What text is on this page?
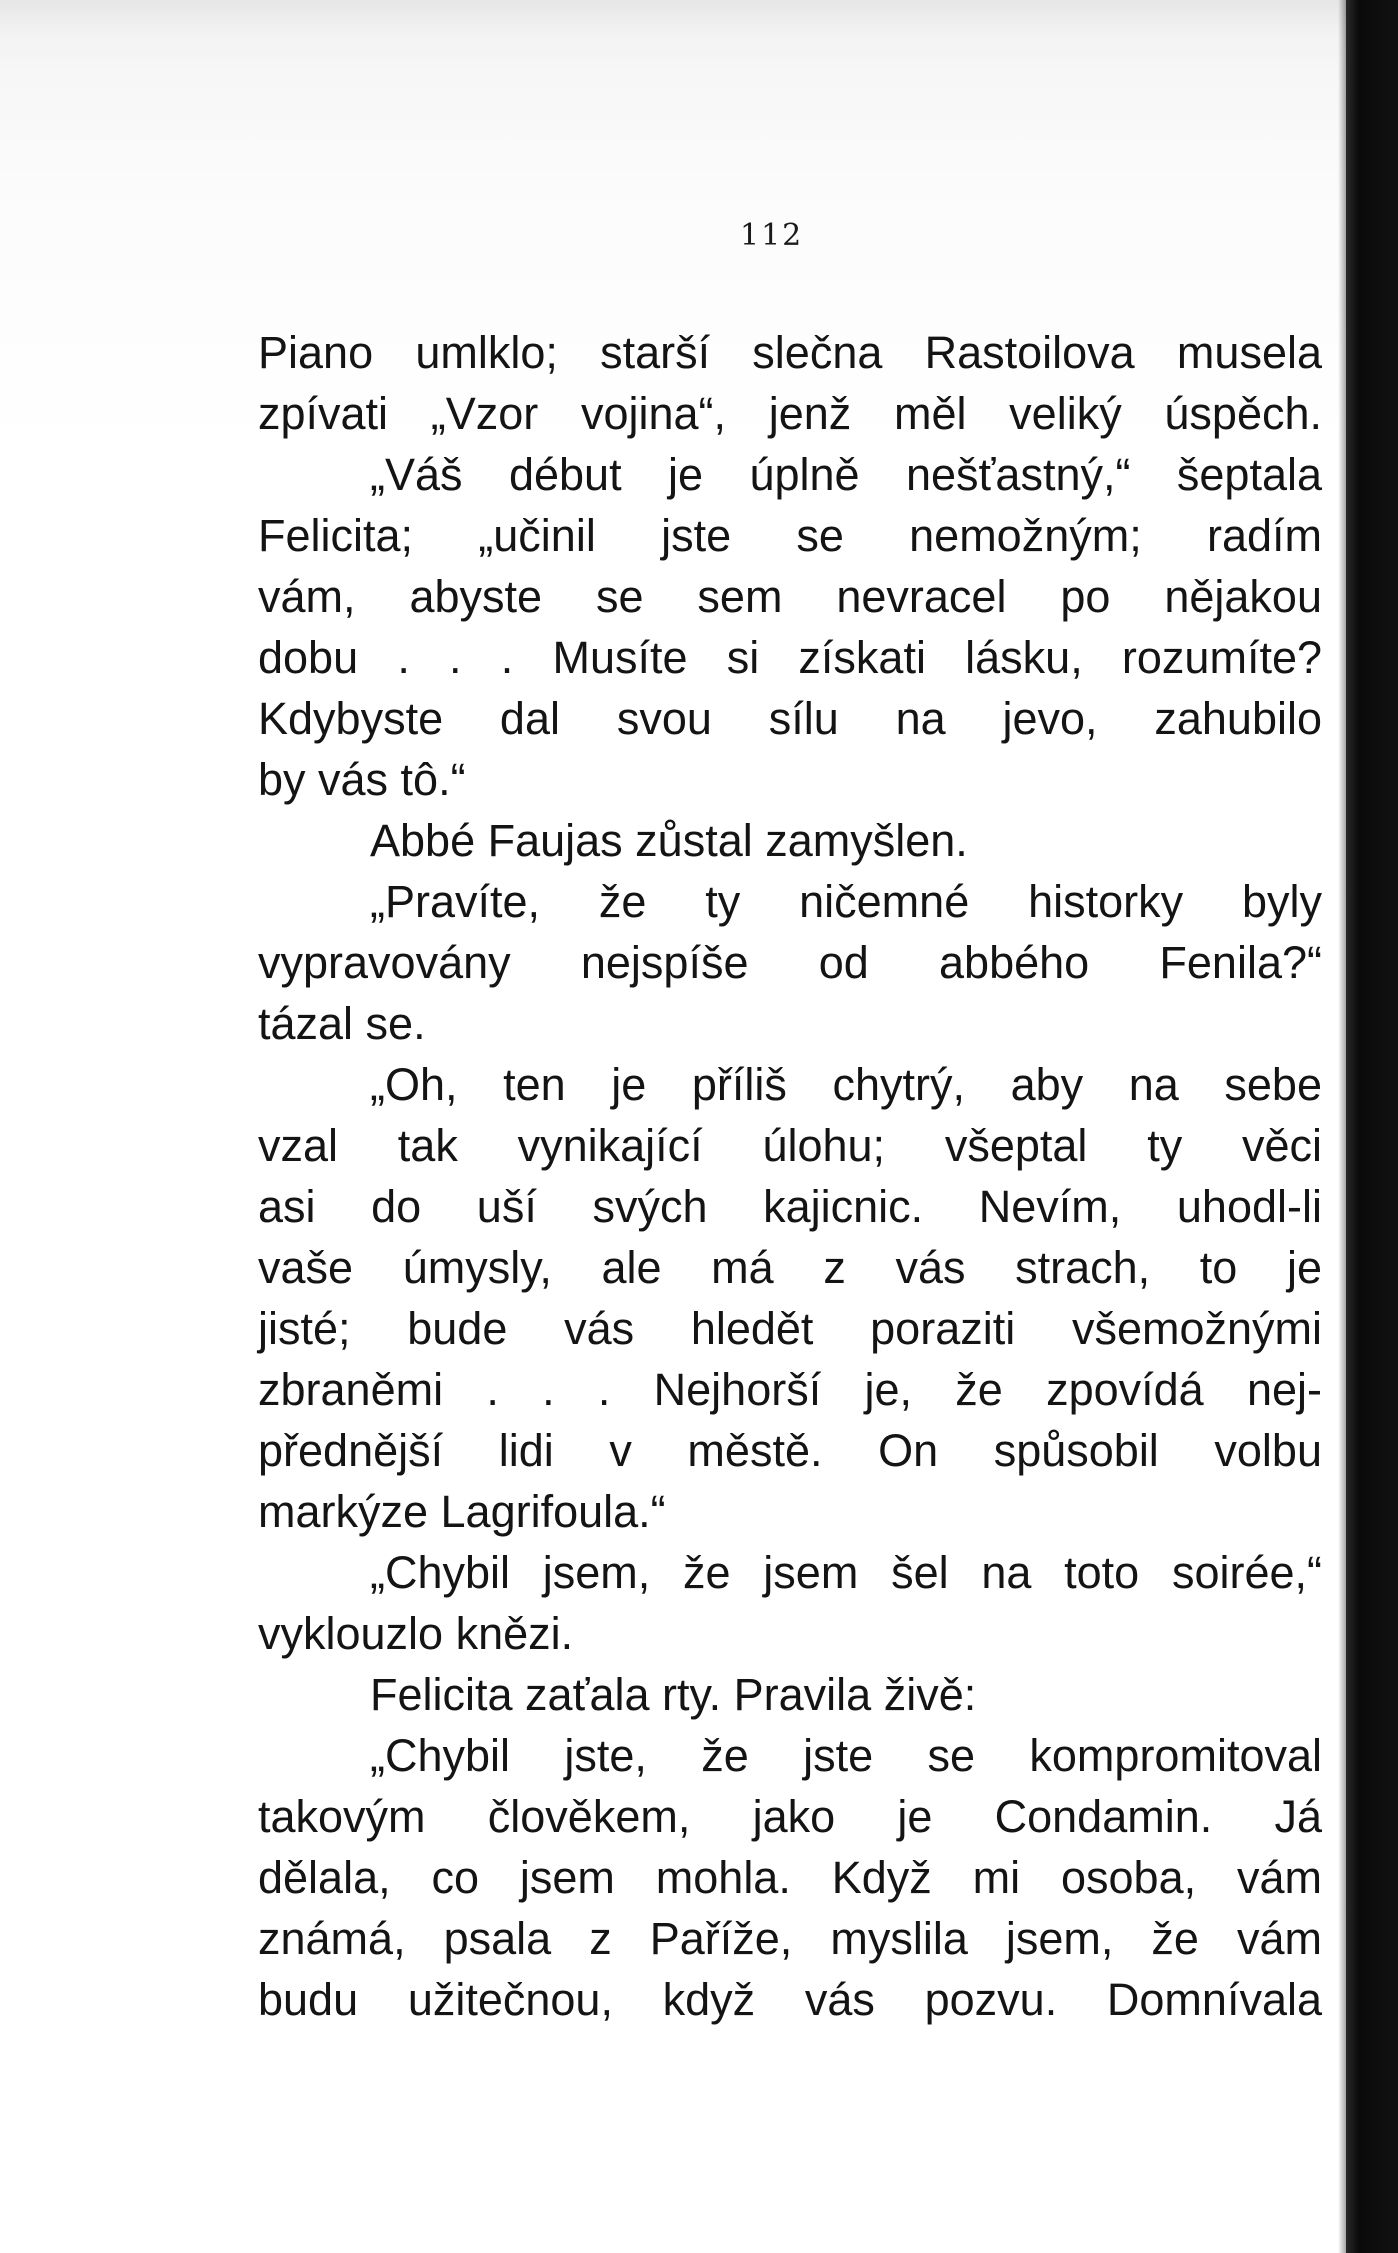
112
Piano umlklo; starší slečna Rastoilova musela
zpívati „Vzor vojina“, jenž měl veliký úspěch.
„Váš début je úplně nešťastný,“ šeptala
Felicita; „učinil jste se nemožným; radím
vám, abyste se sem nevracel po nějakou
dobu . . . Musíte si získati lásku, rozumíte?
Kdybyste dal svou sílu na jevo, zahubilo
by vás tô.“
Abbé Faujas zůstal zamyšlen.
„Pravíte, že ty ničemné historky byly
vypravovány nejspíše od abbého Fenila?“
tázal se.
„Oh, ten je příliš chytrý, aby na sebe
vzal tak vynikající úlohu; všeptal ty věci
asi do uší svých kajicnic. Nevím, uhodl-li
vaše úmysly, ale má z vás strach, to je
jisté; bude vás hledět poraziti všemožnými
zbraněmi . . . Nejhorší je, že zpovídá nej-
přednější lidi v městě. On spůsobil volbu
markýze Lagrifoula.“
„Chybil jsem, že jsem šel na toto soirée,“
vyklouzlo knězi.
Felicita zaťala rty. Pravila živě:
„Chybil jste, že jste se kompromitoval
takovým člověkem, jako je Condamin. Já
dělala, co jsem mohla. Když mi osoba, vám
známá, psala z Paříže, myslila jsem, že vám
budu užitečnou, když vás pozvu. Domnívala
